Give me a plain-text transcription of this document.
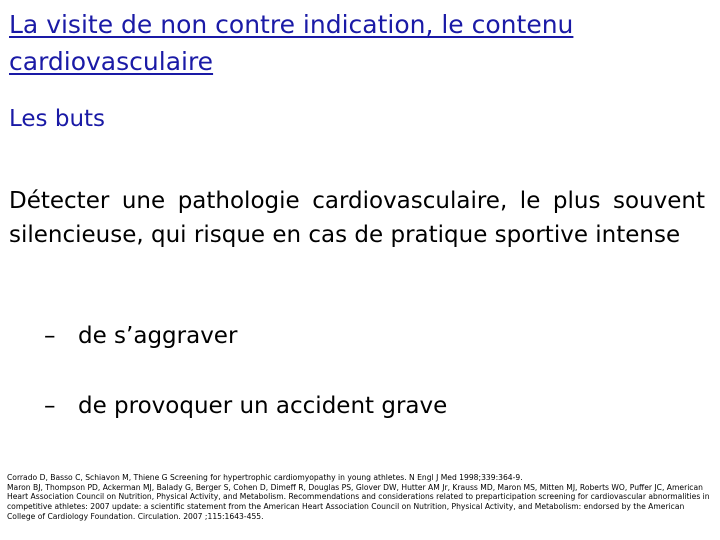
La visite de non contre indication, le contenu cardiovasculaire
Les buts

Détecter une pathologie cardiovasculaire, le plus souvent silencieuse, qui risque en cas de pratique sportive intense

– de s’aggraver

– de provoquer un accident grave

Corrado D, Basso C, Schiavon M, Thiene G Screening for hypertrophic cardiomyopathy in young athletes. N Engl J Med 1998;339:364-9.

Maron BJ, Thompson PD, Ackerman MJ, Balady G, Berger S, Cohen D, Dimeff R, Douglas PS, Glover DW, Hutter AM Jr, Krauss MD, Maron MS, Mitten MJ, Roberts WO, Puffer JC, American Heart Association Council on Nutrition, Physical Activity, and Metabolism. Recommendations and considerations related to preparticipation screening for cardiovascular abnormalities in competitive athletes: 2007 update: a scientific statement from the American Heart Association Council on Nutrition, Physical Activity, and Metabolism: endorsed by the American College of Cardiology Foundation. Circulation. 2007 ;115:1643-455.
